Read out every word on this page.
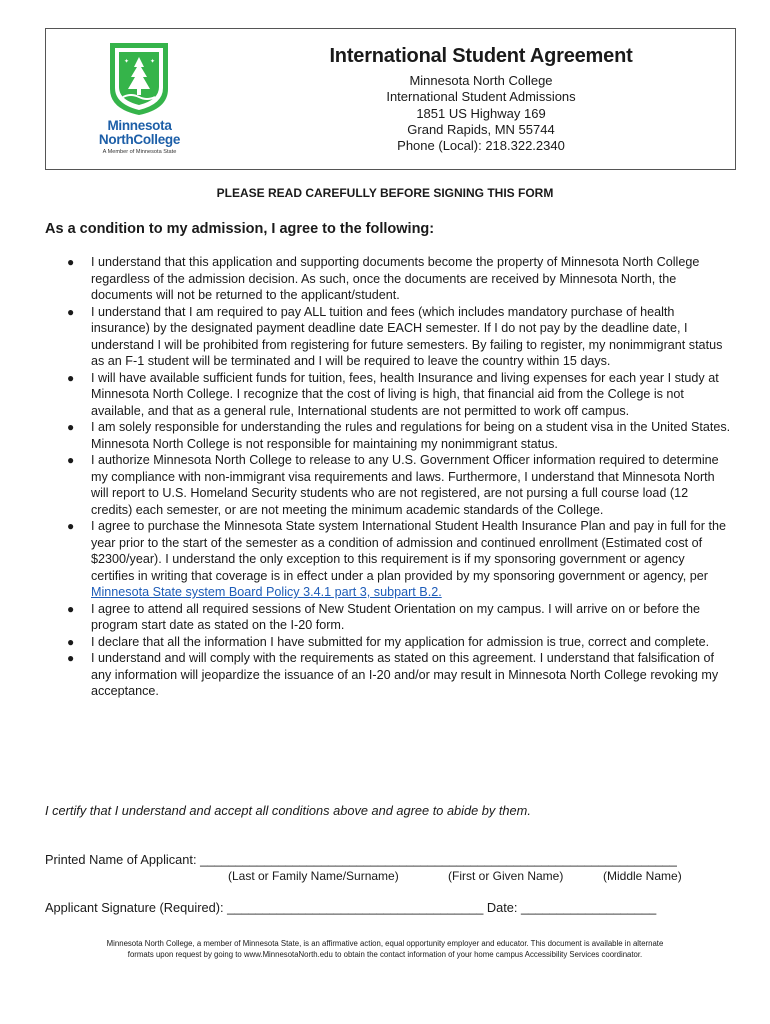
✦	✦
Minnesota
NorthCollege
A Member of Minnesota State
International Student Agreement
Minnesota North College
International Student Admissions
1851 US Highway 169
Grand Rapids, MN 55744
Phone (Local): 218.322.2340
PLEASE READ CAREFULLY BEFORE SIGNING THIS FORM
As a condition to my admission, I agree to the following:
● I understand that this application and supporting documents become the property of Minnesota North College regardless of the admission decision. As such, once the documents are received by Minnesota North, the documents will not be returned to the applicant/student.
● I understand that I am required to pay ALL tuition and fees (which includes mandatory purchase of health insurance) by the designated payment deadline date EACH semester. If I do not pay by the deadline date, I understand I will be prohibited from registering for future semesters. By failing to register, my nonimmigrant status as an F-1 student will be terminated and I will be required to leave the country within 15 days.
● I will have available sufficient funds for tuition, fees, health Insurance and living expenses for each year I study at Minnesota North College. I recognize that the cost of living is high, that financial aid from the College is not available, and that as a general rule, International students are not permitted to work off campus.
● I am solely responsible for understanding the rules and regulations for being on a student visa in the United States. Minnesota North College is not responsible for maintaining my nonimmigrant status.
● I authorize Minnesota North College to release to any U.S. Government Officer information required to determine my compliance with non-immigrant visa requirements and laws. Furthermore, I understand that Minnesota North will report to U.S. Homeland Security students who are not registered, are not pursing a full course load (12 credits) each semester, or are not meeting the minimum academic standards of the College.
● I agree to purchase the Minnesota State system International Student Health Insurance Plan and pay in full for the year prior to the start of the semester as a condition of admission and continued enrollment (Estimated cost of $2300/year). I understand the only exception to this requirement is if my sponsoring government or agency certifies in writing that coverage is in effect under a plan provided by my sponsoring government or agency, per Minnesota State system Board Policy 3.4.1 part 3, subpart B.2.
● I agree to attend all required sessions of New Student Orientation on my campus. I will arrive on or before the program start date as stated on the I-20 form.
● I declare that all the information I have submitted for my application for admission is true, correct and complete.
● I understand and will comply with the requirements as stated on this agreement. I understand that falsification of any information will jeopardize the issuance of an I-20 and/or may result in Minnesota North College revoking my acceptance.
I certify that I understand and accept all conditions above and agree to abide by them.
Printed Name of Applicant: ___________________________________________________________________
(Last or Family Name/Surname)	(First or Given Name)	(Middle Name)
Applicant Signature (Required): ____________________________________ Date: ___________________
Minnesota North College, a member of Minnesota State, is an affirmative action, equal opportunity employer and educator. This document is available in alternate
formats upon request by going to www.MinnesotaNorth.edu to obtain the contact information of your home campus Accessibility Services coordinator.
